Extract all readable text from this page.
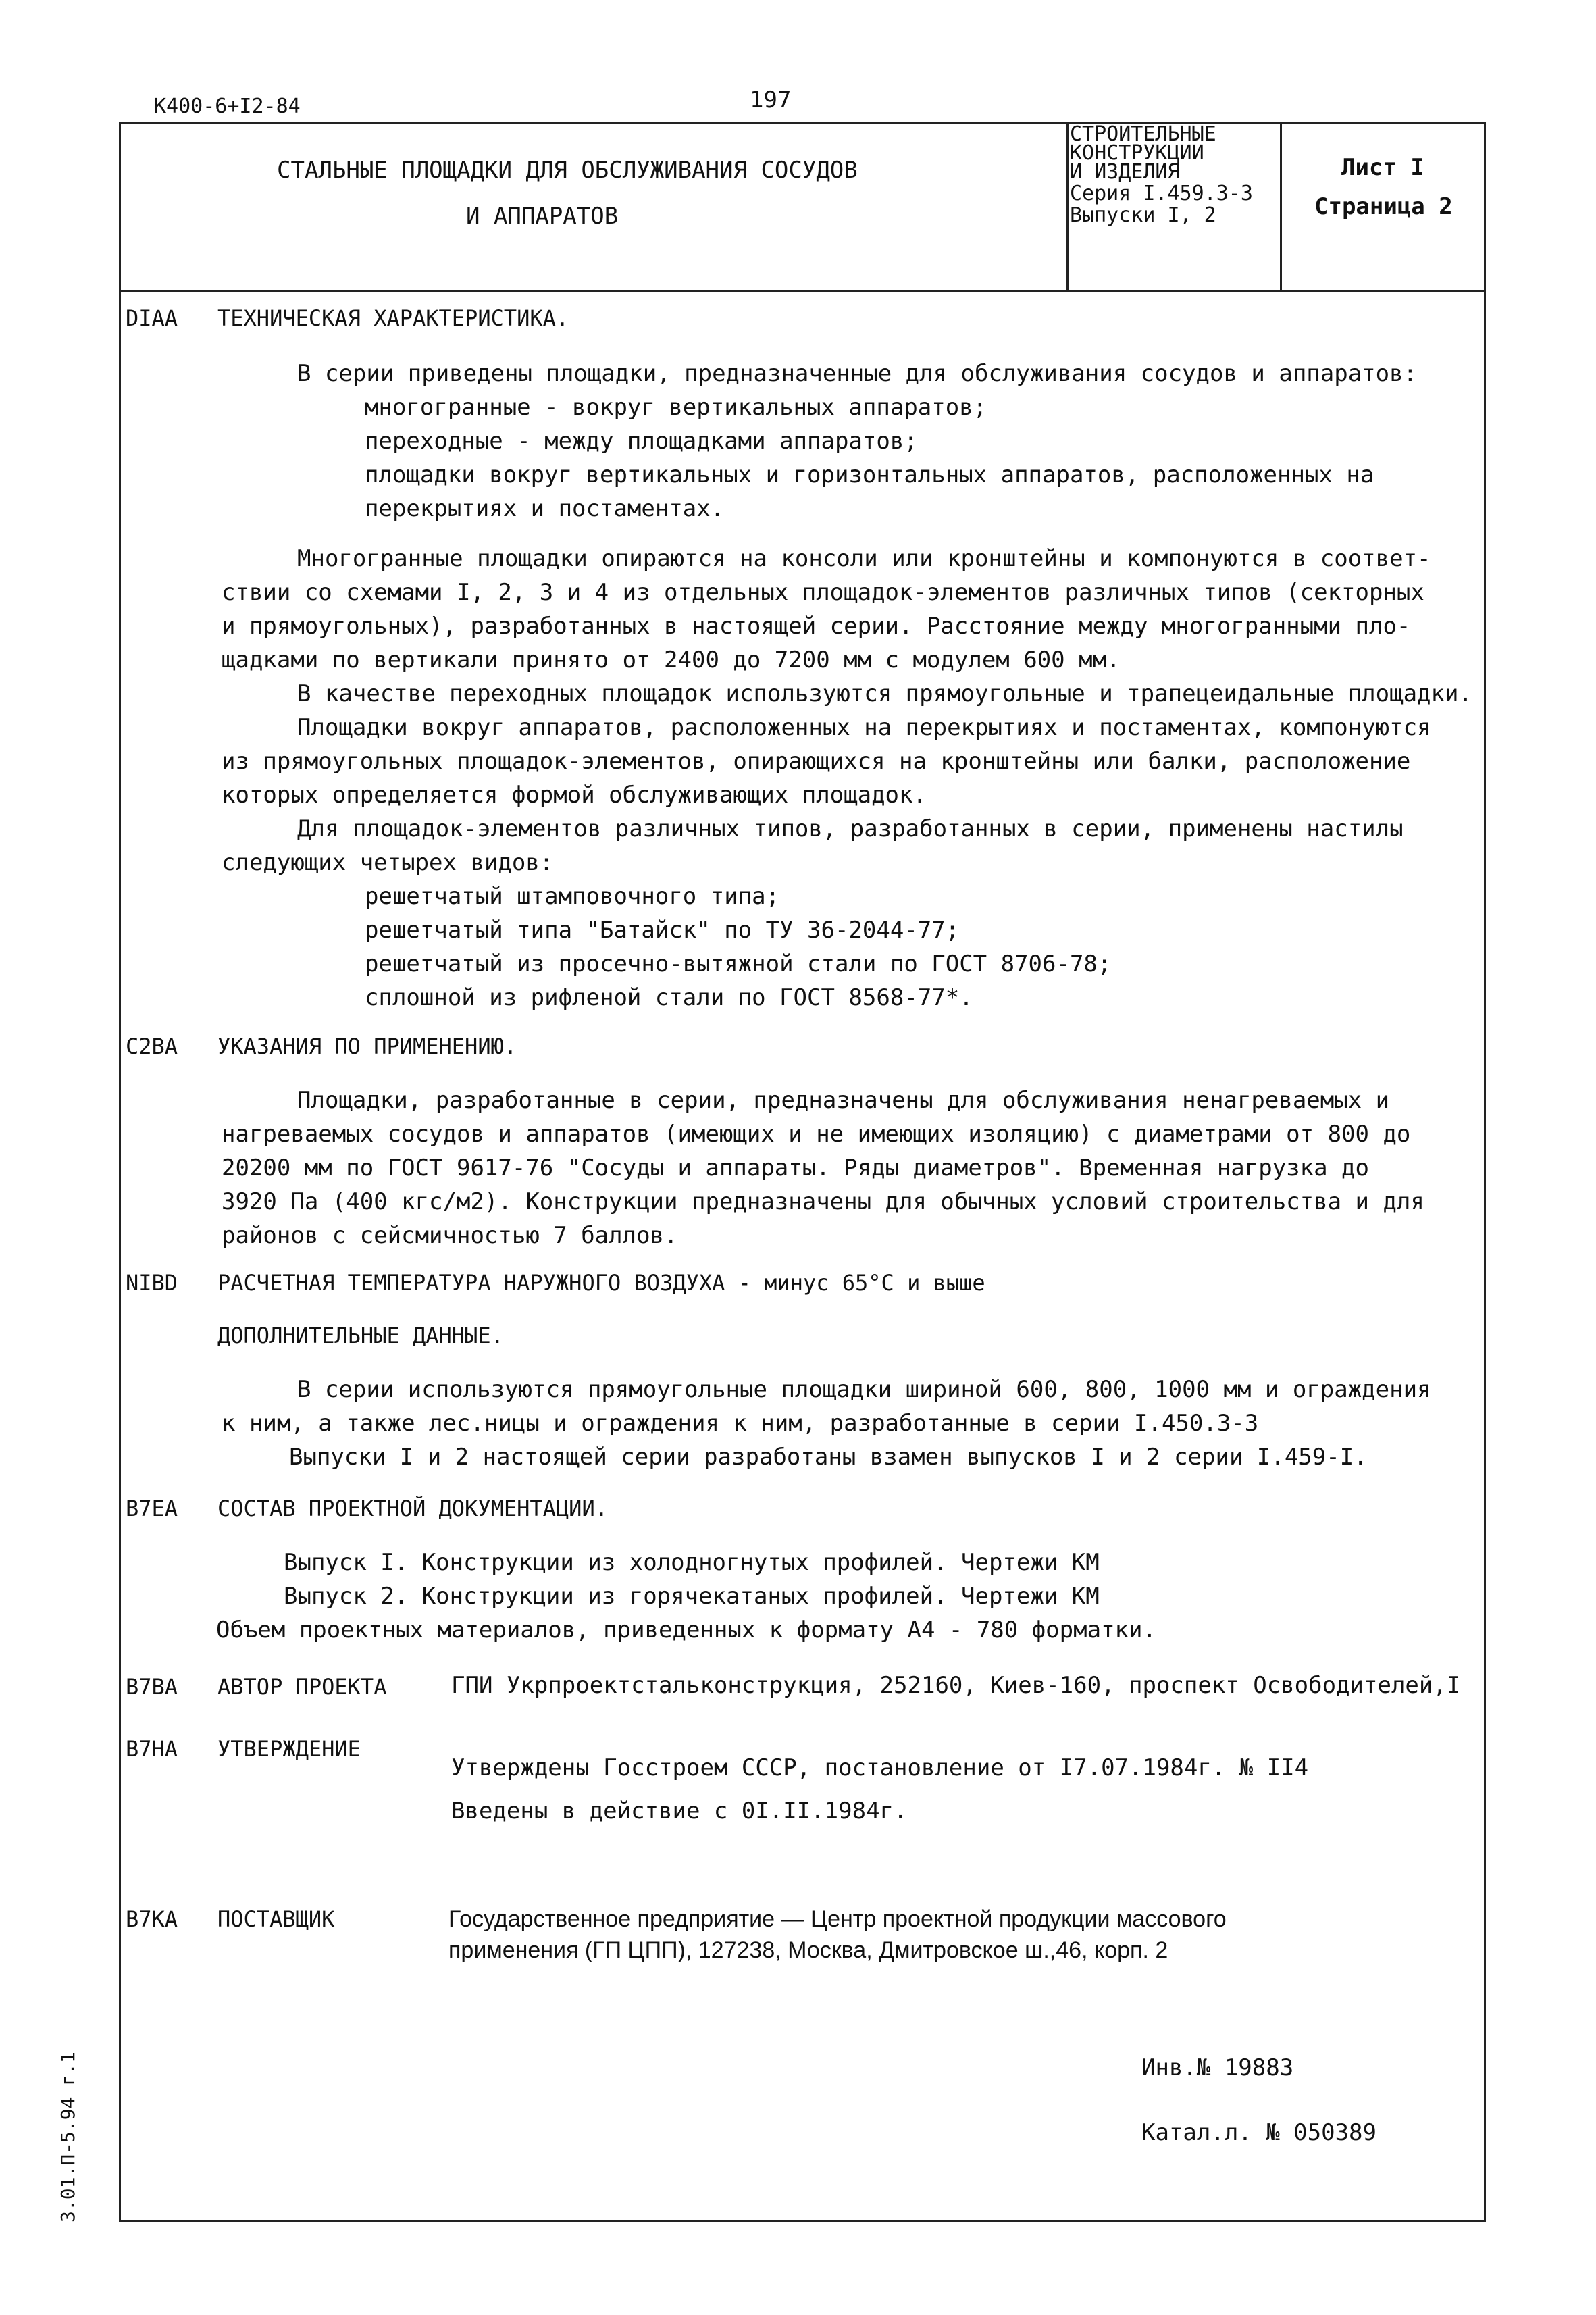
К400-6+I2-84	197
СТАЛЬНЫЕ ПЛОЩАДКИ ДЛЯ ОБСЛУЖИВАНИЯ СОСУДОВ
И АППАРАТОВ
СТРОИТЕЛЬНЫЕ
КОНСТРУКЦИИ
И ИЗДЕЛИЯ
Серия I.459.3-3
Выпуски I, 2
Лист I
Страница 2
DIAA ТЕХНИЧЕСКАЯ ХАРАКТЕРИСТИКА.
В серии приведены площадки, предназначенные для обслуживания сосудов и аппаратов:
многогранные - вокруг вертикальных аппаратов;
переходные - между площадками аппаратов;
площадки вокруг вертикальных и горизонтальных аппаратов, расположенных на
перекрытиях и постаментах.
Многогранные площадки опираются на консоли или кронштейны и компонуются в соответ-
ствии со схемами I, 2, 3 и 4 из отдельных площадок-элементов различных типов (секторных
и прямоугольных), разработанных в настоящей серии. Расстояние между многогранными пло-
щадками по вертикали принято от 2400 до 7200 мм с модулем 600 мм.
В качестве переходных площадок используются прямоугольные и трапецеидальные площадки.
Площадки вокруг аппаратов, расположенных на перекрытиях и постаментах, компонуются
из прямоугольных площадок-элементов, опирающихся на кронштейны или балки, расположение
которых определяется формой обслуживающих площадок.
Для площадок-элементов различных типов, разработанных в серии, применены настилы
следующих четырех видов:
решетчатый штамповочного типа;
решетчатый типа "Батайск" по ТУ 36-2044-77;
решетчатый из просечно-вытяжной стали по ГОСТ 8706-78;
сплошной из рифленой стали по ГОСТ 8568-77*.
C2BA УКАЗАНИЯ ПО ПРИМЕНЕНИЮ.
Площадки, разработанные в серии, предназначены для обслуживания ненагреваемых и
нагреваемых сосудов и аппаратов (имеющих и не имеющих изоляцию) с диаметрами от 800 до
20200 мм по ГОСТ 9617-76 "Сосуды и аппараты. Ряды диаметров". Временная нагрузка до
3920 Па (400 кгс/м2). Конструкции предназначены для обычных условий строительства и для
районов с сейсмичностью 7 баллов.
NIBD РАСЧЕТНАЯ ТЕМПЕРАТУРА НАРУЖНОГО ВОЗДУХА - минус 65°С и выше
ДОПОЛНИТЕЛЬНЫЕ ДАННЫЕ.
В серии используются прямоугольные площадки шириной 600, 800, 1000 мм и ограждения
к ним, а также лес.ницы и ограждения к ним, разработанные в серии I.450.3-3
Выпуски I и 2 настоящей серии разработаны взамен выпусков I и 2 серии I.459-I.
B7EA СОСТАВ ПРОЕКТНОЙ ДОКУМЕНТАЦИИ.
Выпуск I. Конструкции из холодногнутых профилей. Чертежи КМ
Выпуск 2. Конструкции из горячекатаных профилей. Чертежи КМ
Объем проектных материалов, приведенных к формату А4 - 780 форматки.
B7BA АВТОР ПРОЕКТА	ГПИ Укрпроектстальконструкция, 252160, Киев-160, проспект Освободителей,I
B7HA УТВЕРЖДЕНИЕ
Утверждены Госстроем СССР, постановление от I7.07.1984г. № II4
Введены в действие с 0I.II.1984г.
B7KA ПОСТАВЩИК	Государственное предприятие — Центр проектной продукции массового
применения (ГП ЦПП), 127238, Москва, Дмитровское ш.,46, корп. 2
Инв.№ 19883
Катал.л. № 050389
3.01.П-5.94 г.1
